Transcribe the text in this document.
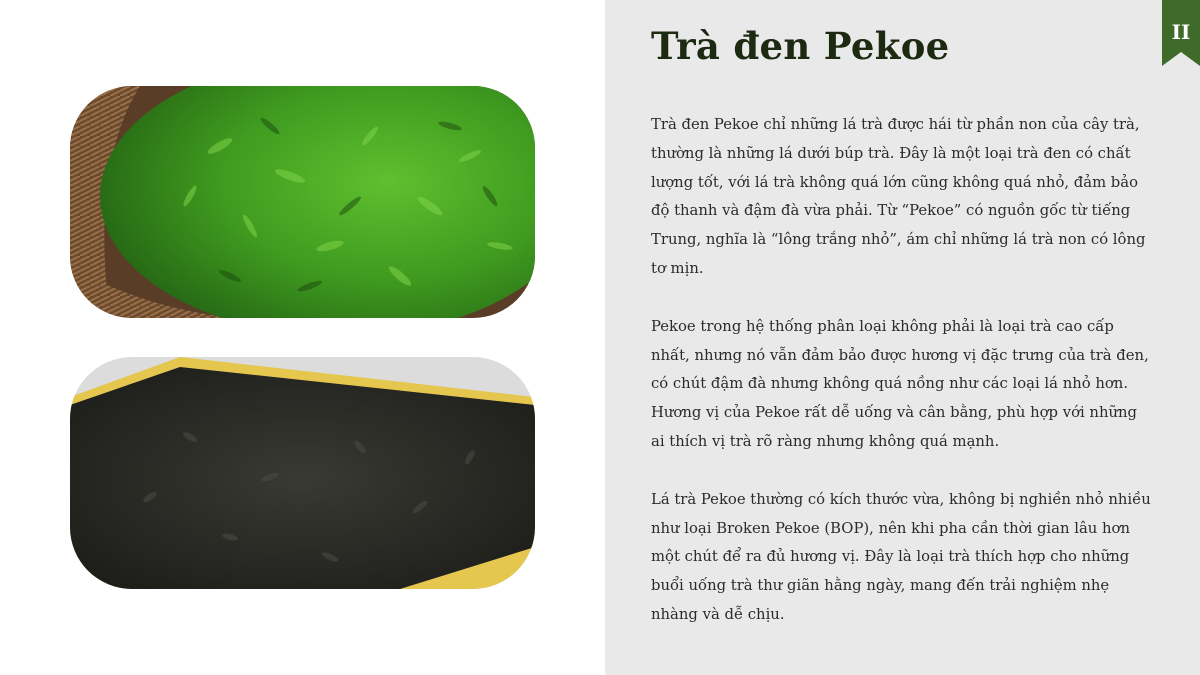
Trà đen Pekoe

Trà đen Pekoe chỉ những lá trà được hái từ phần non của cây trà, thường là những lá dưới búp trà. Đây là một loại trà đen có chất lượng tốt, với lá trà không quá lớn cũng không quá nhỏ, đảm bảo độ thanh và đậm đà vừa phải. Từ “Pekoe” có nguồn gốc từ tiếng Trung, nghĩa là “lông trắng nhỏ”, ám chỉ những lá trà non có lông tơ mịn.

Pekoe trong hệ thống phân loại không phải là loại trà cao cấp nhất, nhưng nó vẫn đảm bảo được hương vị đặc trưng của trà đen, có chút đậm đà nhưng không quá nồng như các loại lá nhỏ hơn. Hương vị của Pekoe rất dễ uống và cân bằng, phù hợp với những ai thích vị trà rõ ràng nhưng không quá mạnh.

Lá trà Pekoe thường có kích thước vừa, không bị nghiền nhỏ nhiều như loại Broken Pekoe (BOP), nên khi pha cần thời gian lâu hơn một chút để ra đủ hương vị. Đây là loại trà thích hợp cho những buổi uống trà thư giãn hằng ngày, mang đến trải nghiệm nhẹ nhàng và dễ chịu.

II
